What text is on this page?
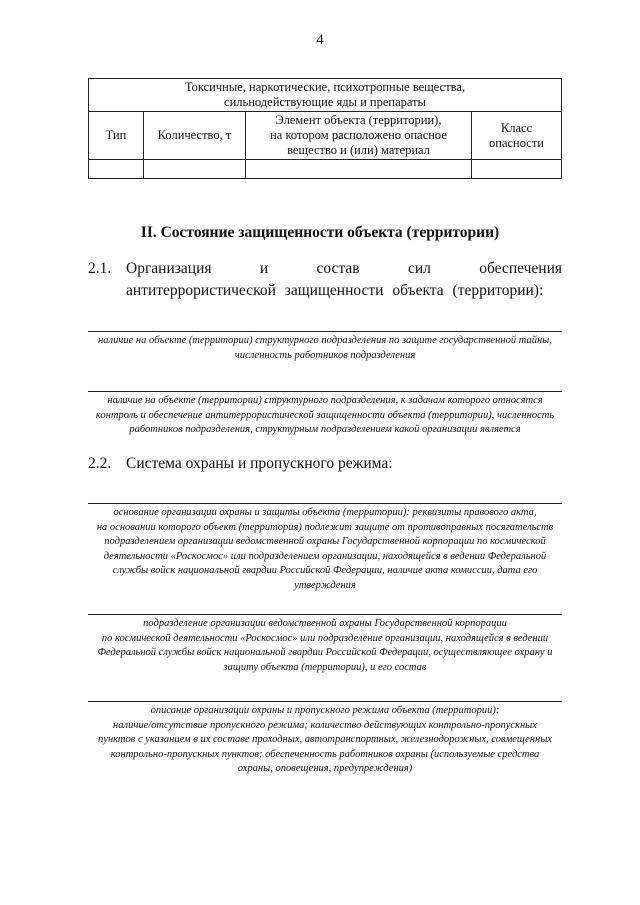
4
Токсичные, наркотические, психотропные вещества,
сильнодействующие яды и препараты			
Тип	Количество, т	Элемент объекта (территории),
на котором расположено опасное
вещество и (или) материал	Класс
опасности

II. Состояние защищенности объекта (территории)
2.1. Организация и состав сил обеспечения антитеррористической защищенности объекта (территории):
наличие на объекте (территории) структурного подразделения по защите государственной тайны,
численность работников подразделения
наличие на объекте (территории) структурного подразделения, к задачам которого относятся
контроль и обеспечение антитеррористической защищенности объекта (территории), численность
работников подразделения, структурным подразделением какой организации является
2.2. Система охраны и пропускного режима:
основание организации охраны и защиты объекта (территории): реквизиты правового акта,
на основании которого объект (территория) подлежит защите от противоправных посягательств
подразделением организации ведомственной охраны Государственной корпорации по космической
деятельности «Роскосмос» или подразделением организации, находящейся в ведении Федеральной
службы войск национальной гвардии Российской Федерации, наличие акта комиссии, дата его
утверждения
подразделение организации ведомственной охраны Государственной корпорации
по космической деятельности «Роскосмос» или подразделение организации, находящейся в ведении
Федеральной службы войск национальной гвардии Российской Федерации, осуществляющее охрану и
защиту объекта (территории), и его состав
описание организации охраны и пропускного режима объекта (территории):
наличие/отсутствие пропускного режима; количество действующих контрольно-пропускных
пунктов с указанием в их составе проходных, автотранспортных, железнодорожных, совмещенных
контрольно-пропускных пунктов; обеспеченность работников охраны (используемые средства
охраны, оповещения, предупреждения)
